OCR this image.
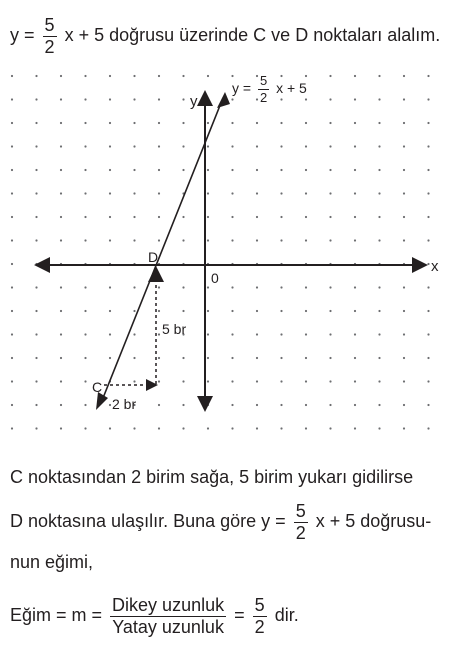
$y = \frac{5}{2}$ x + 5 doğrusu üzerinde C ve D noktaları alalım.
x
y
0
D
C
2 br
5 br
$y = \frac{5}{2}$ x + 5
C noktasından 2 birim sağa, 5 birim yukarı gidilirse
D noktasına ulaşılır. Buna göre $y = \frac{5}{2}$ x + 5 doğrusu-
nun eğimi,
Eğim = $m = \frac{\text{Dikey uzunluk}}{\text{Yatay uzunluk}} = \frac{5}{2}$ dir.
